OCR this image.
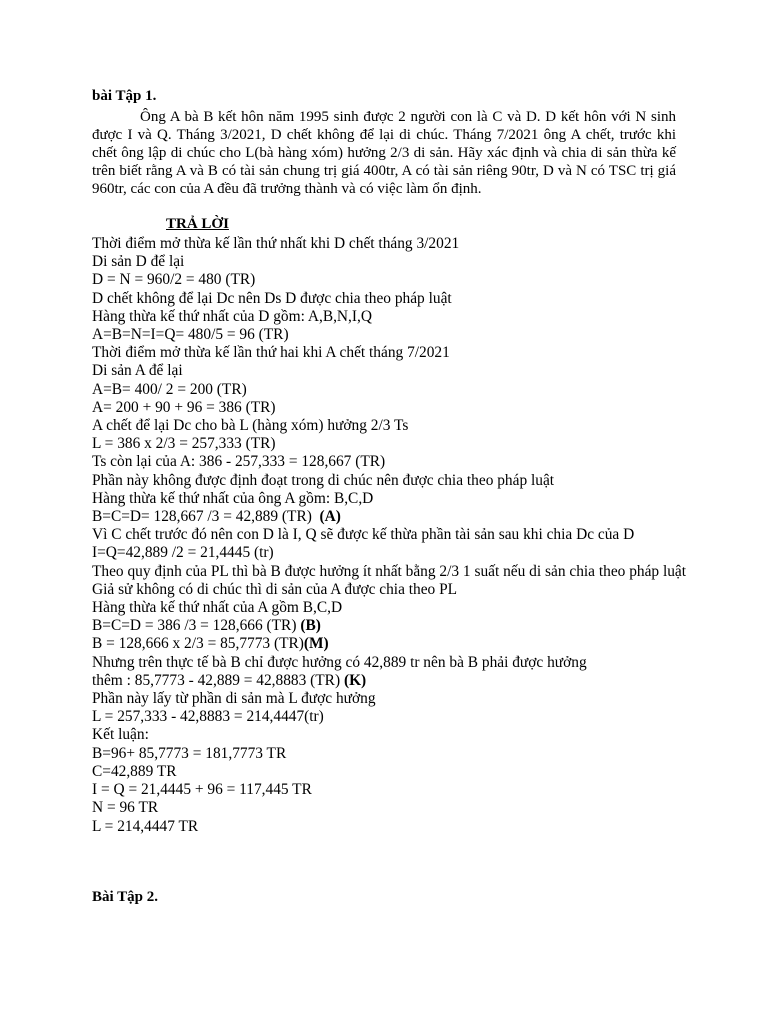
bài Tập 1.
Ông A bà B kết hôn năm 1995 sinh được 2 người con là C và D. D kết hôn với N sinh được I và Q. Tháng 3/2021, D chết không để lại di chúc. Tháng 7/2021 ông A chết, trước khi chết ông lập di chúc cho L(bà hàng xóm) hưởng 2/3 di sản. Hãy xác định và chia di sản thừa kế trên biết rằng A và B có tài sản chung trị giá 400tr, A có tài sản riêng 90tr, D và N có TSC trị giá 960tr, các con của A đều đã trưởng thành và có việc làm ổn định.
TRẢ LỜI
Thời điểm mở thừa kế lần thứ nhất khi D chết tháng 3/2021
Di sản D để lại
D = N = 960/2 = 480 (TR)
D chết không để lại Dc nên Ds D được chia theo pháp luật
Hàng thừa kế thứ nhất của D gồm: A,B,N,I,Q
A=B=N=I=Q= 480/5 = 96 (TR)
Thời điểm mở thừa kế lần thứ hai khi A chết tháng 7/2021
Di sản A để lại
A=B= 400/ 2 = 200 (TR)
A= 200 + 90 + 96 = 386 (TR)
A chết để lại Dc cho bà L (hàng xóm) hưởng 2/3 Ts
L = 386 x 2/3 = 257,333 (TR)
Ts còn lại của A: 386 - 257,333 = 128,667 (TR)
Phần này không được định đoạt trong di chúc nên được chia theo pháp luật
Hàng thừa kế thứ nhất của ông A gồm: B,C,D
B=C=D= 128,667 /3 = 42,889 (TR) (A)
Vì C chết trước đó nên con D là I, Q sẽ được kế thừa phần tài sản sau khi chia Dc của D
I=Q=42,889 /2 = 21,4445 (tr)
Theo quy định của PL thì bà B được hưởng ít nhất bằng 2/3 1 suất nếu di sản chia theo pháp luật
Giả sử không có di chúc thì di sản của A được chia theo PL
Hàng thừa kế thứ nhất của A gồm B,C,D
B=C=D = 386 /3 = 128,666 (TR) (B)
B = 128,666 x 2/3 = 85,7773 (TR)(M)
Nhưng trên thực tế bà B chỉ được hưởng có 42,889 tr nên bà B phải được hưởng
thêm : 85,7773 - 42,889 = 42,8883 (TR) (K)
Phần này lấy từ phần di sản mà L được hưởng
L = 257,333 - 42,8883 = 214,4447(tr)
Kết luận:
B=96+ 85,7773 = 181,7773 TR
C=42,889 TR
I = Q = 21,4445 + 96 = 117,445 TR
N = 96 TR
L = 214,4447 TR
Bài Tập 2.
